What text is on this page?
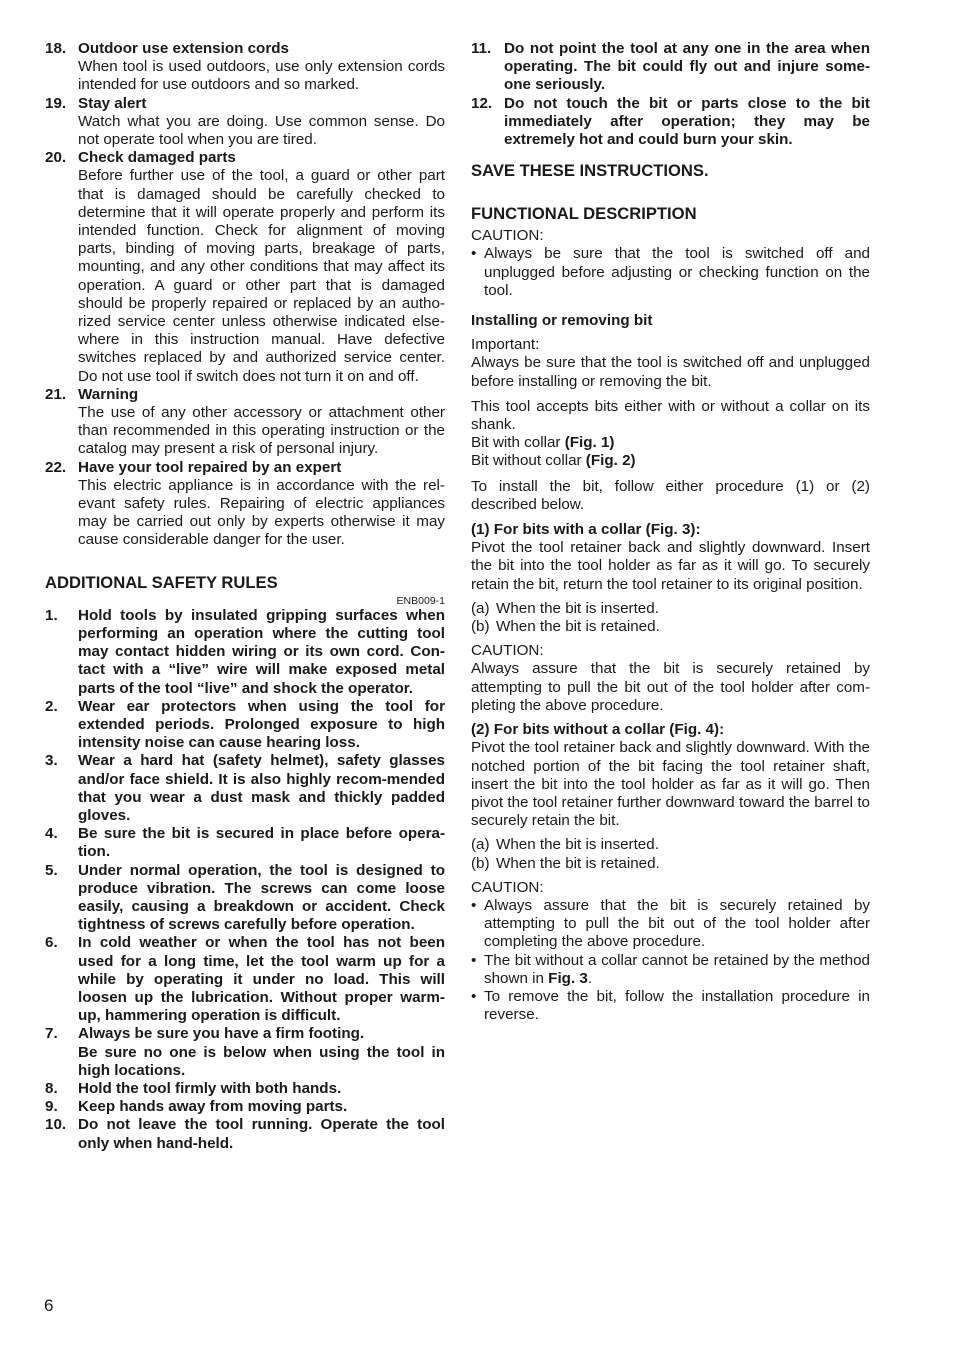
18. Outdoor use extension cords
When tool is used outdoors, use only extension cords intended for use outdoors and so marked.
19. Stay alert
Watch what you are doing. Use common sense. Do not operate tool when you are tired.
20. Check damaged parts
Before further use of the tool, a guard or other part that is damaged should be carefully checked to determine that it will operate properly and perform its intended function. Check for alignment of moving parts, binding of moving parts, breakage of parts, mounting, and any other conditions that may affect its operation. A guard or other part that is damaged should be properly repaired or replaced by an autho-rized service center unless otherwise indicated else-where in this instruction manual. Have defective switches replaced by and authorized service center. Do not use tool if switch does not turn it on and off.
21. Warning
The use of any other accessory or attachment other than recommended in this operating instruction or the catalog may present a risk of personal injury.
22. Have your tool repaired by an expert
This electric appliance is in accordance with the rel-evant safety rules. Repairing of electric appliances may be carried out only by experts otherwise it may cause considerable danger for the user.
ADDITIONAL SAFETY RULES
ENB009-1
1.	Hold tools by insulated gripping surfaces when performing an operation where the cutting tool may contact hidden wiring or its own cord. Con-tact with a “live” wire will make exposed metal parts of the tool “live” and shock the operator.
2.	Wear ear protectors when using the tool for extended periods. Prolonged exposure to high intensity noise can cause hearing loss.
3.	Wear a hard hat (safety helmet), safety glasses and/or face shield. It is also highly recom-mended that you wear a dust mask and thickly padded gloves.
4.	Be sure the bit is secured in place before opera-tion.
5.	Under normal operation, the tool is designed to produce vibration. The screws can come loose easily, causing a breakdown or accident. Check tightness of screws carefully before operation.
6.	In cold weather or when the tool has not been used for a long time, let the tool warm up for a while by operating it under no load. This will loosen up the lubrication. Without proper warm-up, hammering operation is difficult.
7.	Always be sure you have a firm footing.
Be sure no one is below when using the tool in high locations.
8.	Hold the tool firmly with both hands.
9.	Keep hands away from moving parts.
10. Do not leave the tool running. Operate the tool only when hand-held.
11. Do not point the tool at any one in the area when operating. The bit could fly out and injure some-one seriously.
12. Do not touch the bit or parts close to the bit immediately after operation; they may be extremely hot and could burn your skin.
SAVE THESE INSTRUCTIONS.
FUNCTIONAL DESCRIPTION
CAUTION:
• Always be sure that the tool is switched off and unplugged before adjusting or checking function on the tool.
Installing or removing bit
Important:
Always be sure that the tool is switched off and unplugged before installing or removing the bit.
This tool accepts bits either with or without a collar on its shank.
Bit with collar (Fig. 1)
Bit without collar (Fig. 2)
To install the bit, follow either procedure (1) or (2) described below.
(1) For bits with a collar (Fig. 3):
Pivot the tool retainer back and slightly downward. Insert the bit into the tool holder as far as it will go. To securely retain the bit, return the tool retainer to its original position.
(a) When the bit is inserted.
(b) When the bit is retained.
CAUTION:
Always assure that the bit is securely retained by attempting to pull the bit out of the tool holder after com-pleting the above procedure.
(2) For bits without a collar (Fig. 4):
Pivot the tool retainer back and slightly downward. With the notched portion of the bit facing the tool retainer shaft, insert the bit into the tool holder as far as it will go. Then pivot the tool retainer further downward toward the barrel to securely retain the bit.
(a) When the bit is inserted.
(b) When the bit is retained.
CAUTION:
• Always assure that the bit is securely retained by attempting to pull the bit out of the tool holder after completing the above procedure.
• The bit without a collar cannot be retained by the method shown in Fig. 3.
• To remove the bit, follow the installation procedure in reverse.
6
